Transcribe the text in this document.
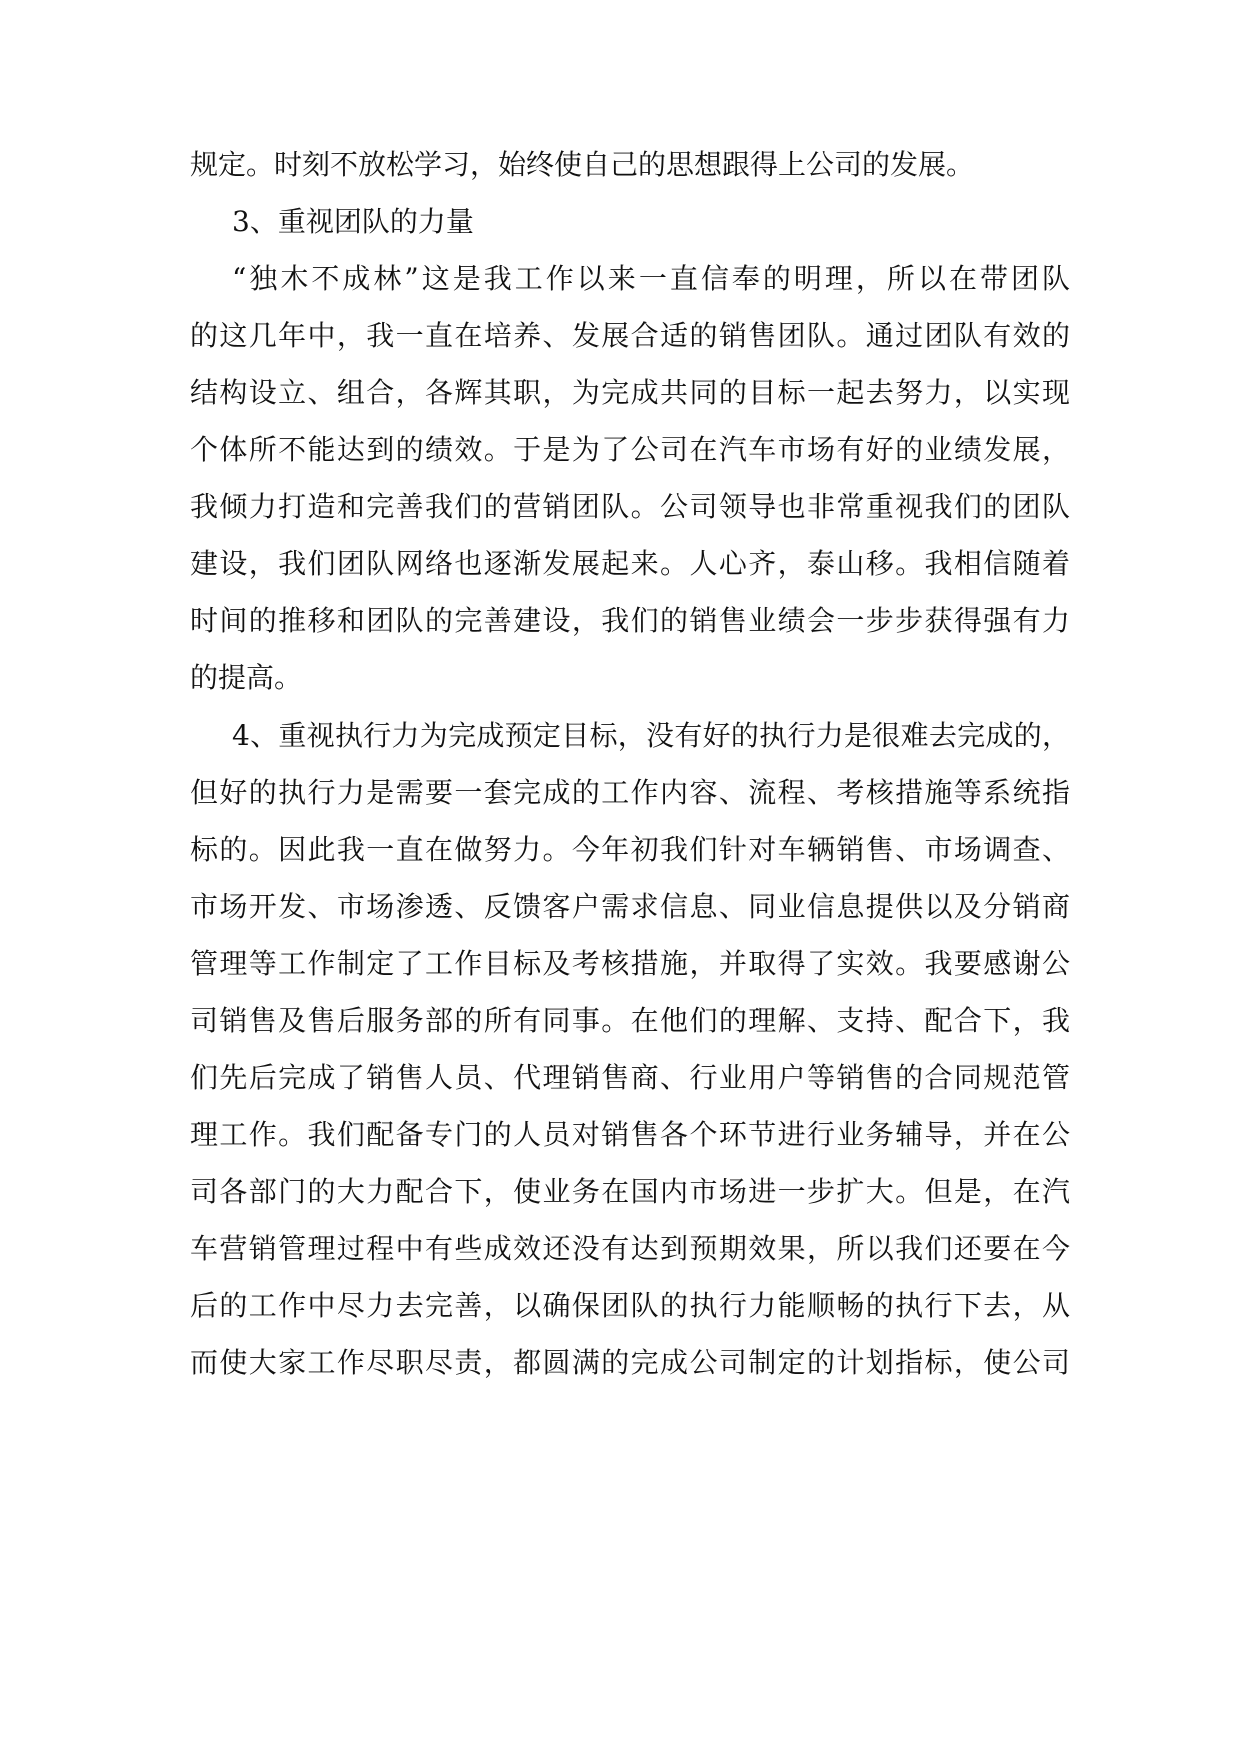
规定。时刻不放松学习，始终使自己的思想跟得上公司的发展。
3、重视团队的力量
“独木不成林”这是我工作以来一直信奉的明理，所以在带团队
的这几年中，我一直在培养、发展合适的销售团队。通过团队有效的
结构设立、组合，各辉其职，为完成共同的目标一起去努力，以实现
个体所不能达到的绩效。于是为了公司在汽车市场有好的业绩发展，
我倾力打造和完善我们的营销团队。公司领导也非常重视我们的团队
建设，我们团队网络也逐渐发展起来。人心齐，泰山移。我相信随着
时间的推移和团队的完善建设，我们的销售业绩会一步步获得强有力
的提高。
4、重视执行力为完成预定目标，没有好的执行力是很难去完成的，
但好的执行力是需要一套完成的工作内容、流程、考核措施等系统指
标的。因此我一直在做努力。今年初我们针对车辆销售、市场调查、
市场开发、市场渗透、反馈客户需求信息、同业信息提供以及分销商
管理等工作制定了工作目标及考核措施，并取得了实效。我要感谢公
司销售及售后服务部的所有同事。在他们的理解、支持、配合下，我
们先后完成了销售人员、代理销售商、行业用户等销售的合同规范管
理工作。我们配备专门的人员对销售各个环节进行业务辅导，并在公
司各部门的大力配合下，使业务在国内市场进一步扩大。但是，在汽
车营销管理过程中有些成效还没有达到预期效果，所以我们还要在今
后的工作中尽力去完善，以确保团队的执行力能顺畅的执行下去，从
而使大家工作尽职尽责，都圆满的完成公司制定的计划指标，使公司
